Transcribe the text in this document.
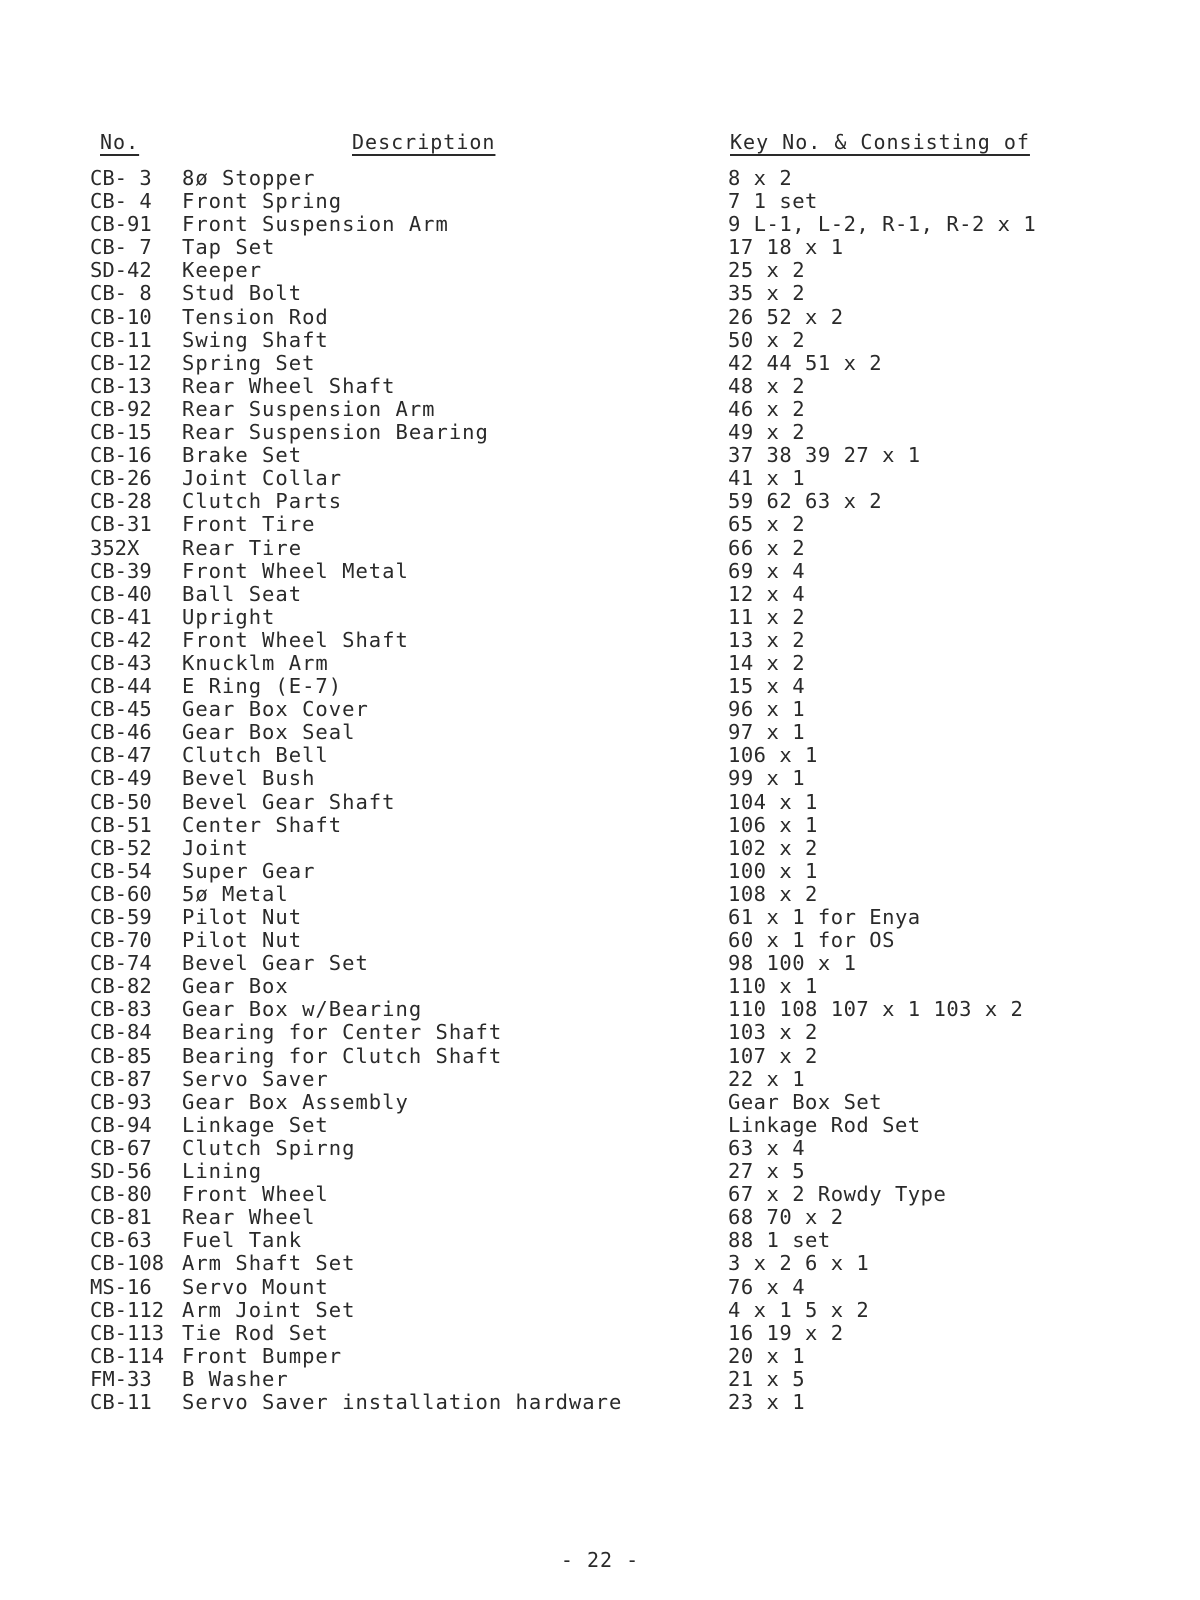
No.	Description	Key No. & Consisting of
CB- 3 8ø Stopper	8 x 2
CB- 4 Front Spring	7 1 set
CB-91 Front Suspension Arm	9 L-1, L-2, R-1, R-2 x 1
CB- 7 Tap Set	17 18 x 1
SD-42 Keeper	25 x 2
CB- 8 Stud Bolt	35 x 2
CB-10 Tension Rod	26 52 x 2
CB-11 Swing Shaft	50 x 2
CB-12 Spring Set	42 44 51 x 2
CB-13 Rear Wheel Shaft	48 x 2
CB-92 Rear Suspension Arm	46 x 2
CB-15 Rear Suspension Bearing	49 x 2
CB-16 Brake Set	37 38 39 27 x 1
CB-26 Joint Collar	41 x 1
CB-28 Clutch Parts	59 62 63 x 2
CB-31 Front Tire	65 x 2
352X Rear Tire	66 x 2
CB-39 Front Wheel Metal	69 x 4
CB-40 Ball Seat	12 x 4
CB-41 Upright	11 x 2
CB-42 Front Wheel Shaft	13 x 2
CB-43 Knucklm Arm	14 x 2
CB-44 E Ring (E-7)	15 x 4
CB-45 Gear Box Cover	96 x 1
CB-46 Gear Box Seal	97 x 1
CB-47 Clutch Bell	106 x 1
CB-49 Bevel Bush	99 x 1
CB-50 Bevel Gear Shaft	104 x 1
CB-51 Center Shaft	106 x 1
CB-52 Joint	102 x 2
CB-54 Super Gear	100 x 1
CB-60 5ø Metal	108 x 2
CB-59 Pilot Nut	61 x 1 for Enya
CB-70 Pilot Nut	60 x 1 for OS
CB-74 Bevel Gear Set	98 100 x 1
CB-82 Gear Box	110 x 1
CB-83 Gear Box w/Bearing	110 108 107 x 1 103 x 2
CB-84 Bearing for Center Shaft	103 x 2
CB-85 Bearing for Clutch Shaft	107 x 2
CB-87 Servo Saver	22 x 1
CB-93 Gear Box Assembly	Gear Box Set
CB-94 Linkage Set	Linkage Rod Set
CB-67 Clutch Spirng	63 x 4
SD-56 Lining	27 x 5
CB-80 Front Wheel	67 x 2 Rowdy Type
CB-81 Rear Wheel	68 70 x 2
CB-63 Fuel Tank	88 1 set
CB-108 Arm Shaft Set	3 x 2 6 x 1
MS-16 Servo Mount	76 x 4
CB-112 Arm Joint Set	4 x 1 5 x 2
CB-113 Tie Rod Set	16 19 x 2
CB-114 Front Bumper	20 x 1
FM-33 B Washer	21 x 5
CB-11 Servo Saver installation hardware	23 x 1
- 22 -
